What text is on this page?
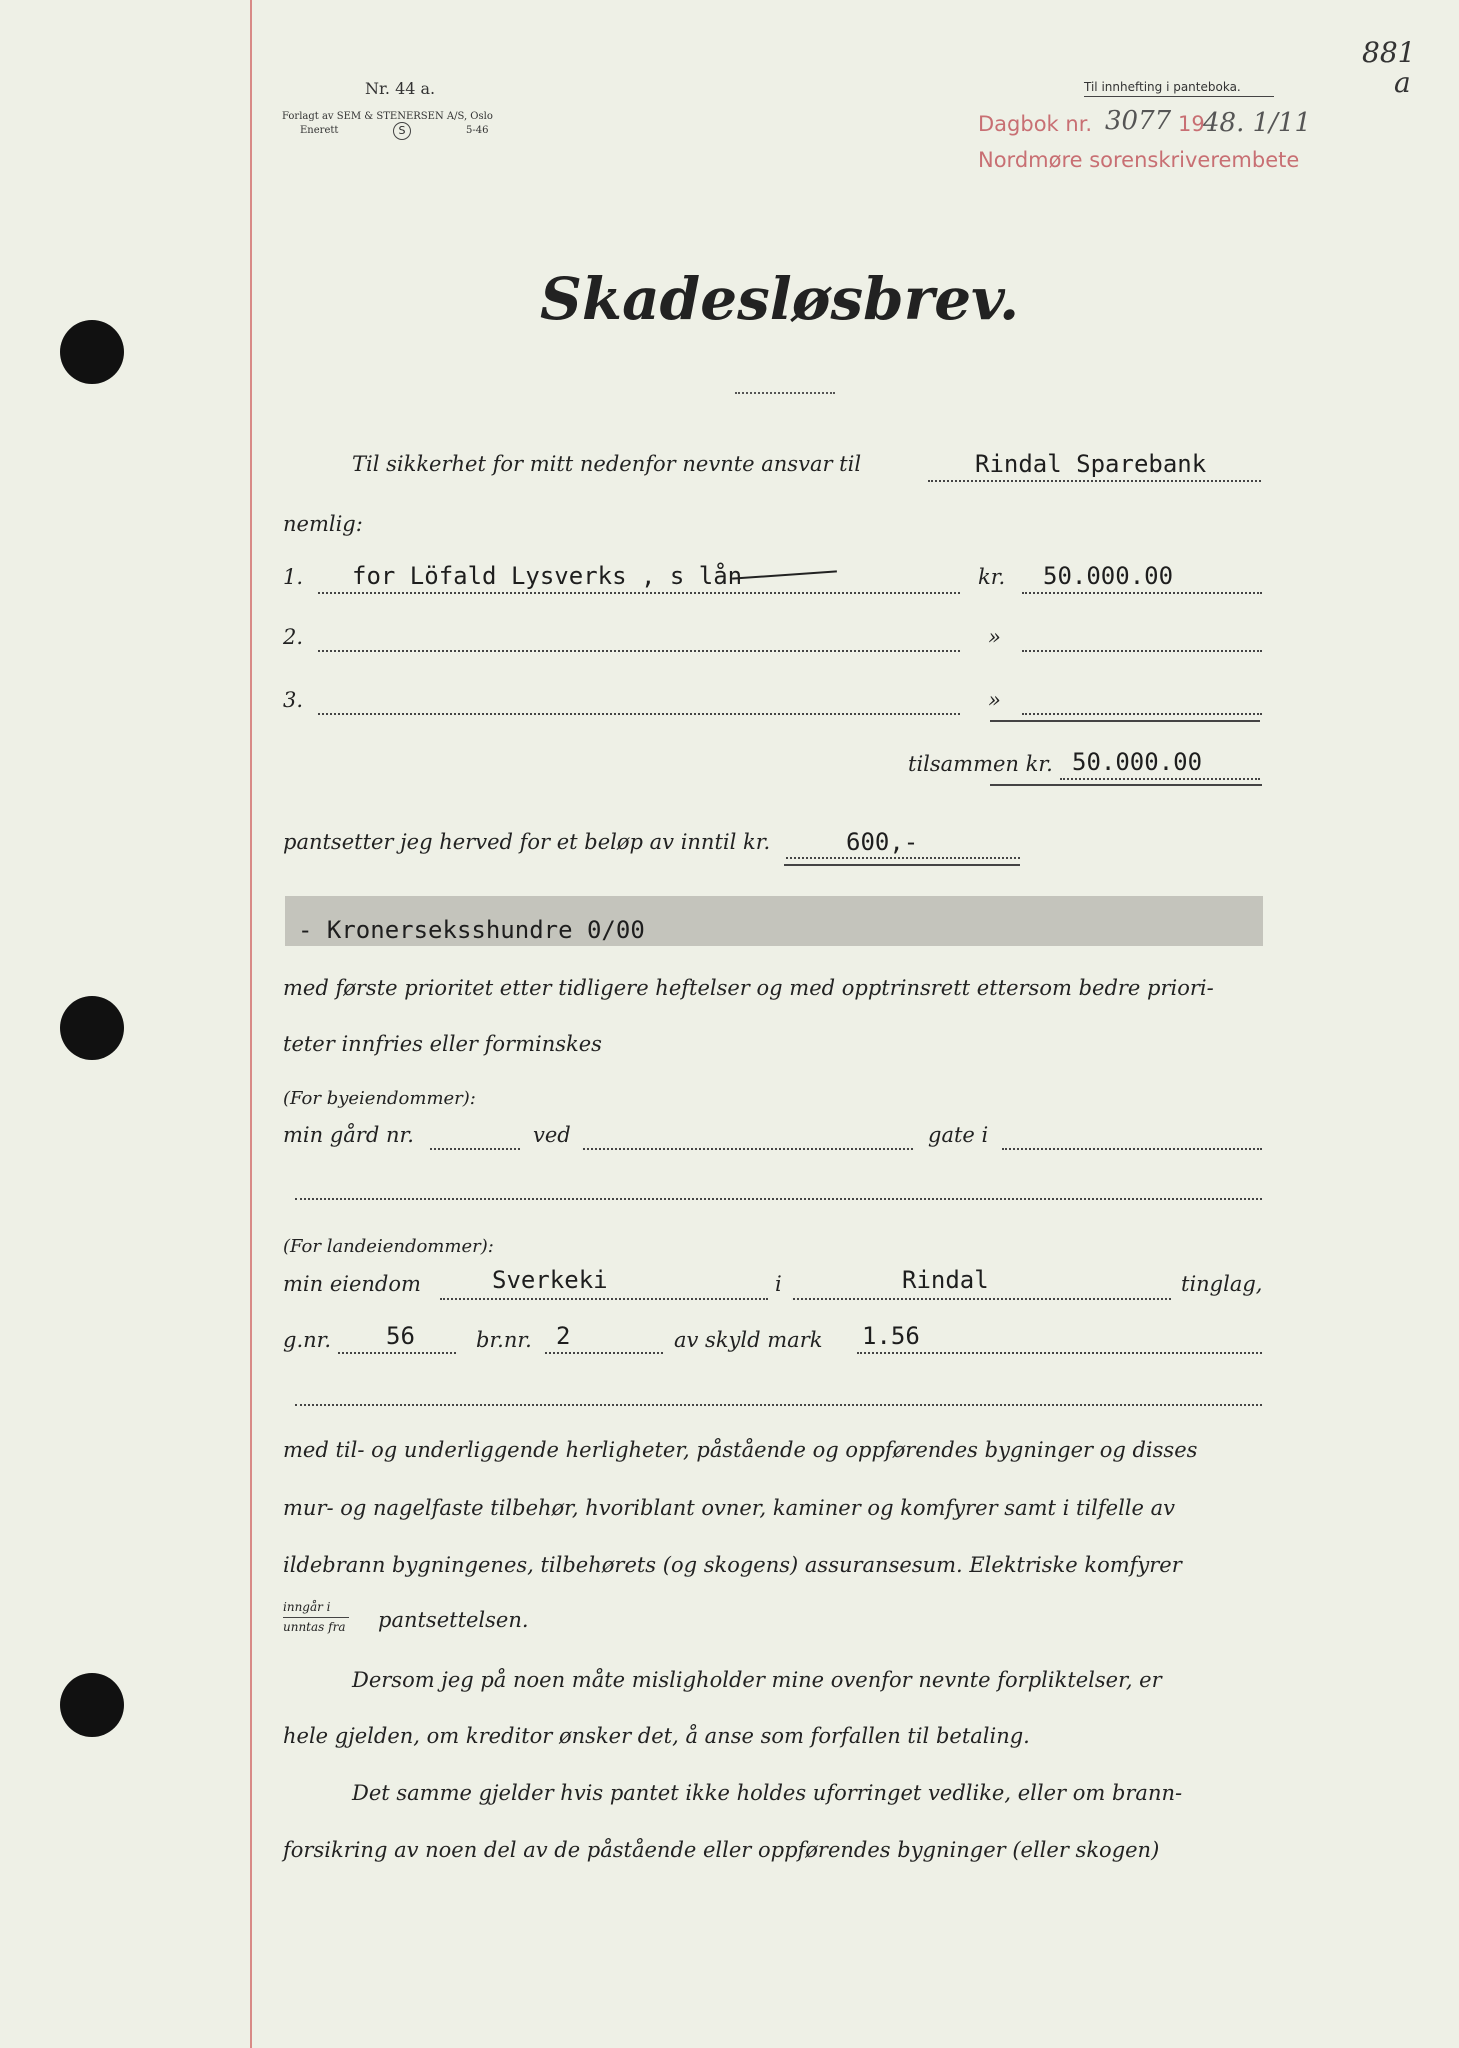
Nr. 44 a.
Forlagt av SEM & STENERSEN A/S, Oslo
Enerett	S	5-46
Til innhefting i panteboka.
Dagbok nr. 3077 19
48. 1/11
Nordmøre sorenskriverembete
881
a

Skadesløsbrev.
Til sikkerhet for mitt nedenfor nevnte ansvar til	Rindal Sparebank
nemlig:
1. for Löfald Lysverks , s lån	kr. 50.000.00
2.	»
3.	»
tilsammen kr. 50.000.00
pantsetter jeg herved for et beløp av inntil kr.	600,-
- Kronerseksshundre 0/00
med første prioritet etter tidligere heftelser og med opptrinsrett ettersom bedre priori-
teter innfries eller forminskes
(For byeiendommer):
min gård nr.	ved	gate i
(For landeiendommer):
min eiendom	Sverkeki	i	Rindal	tinglag,
g.nr. 56	br.nr. 2	av skyld mark 1.56
med til- og underliggende herligheter, påstående og oppførendes bygninger og disses
mur- og nagelfaste tilbehør, hvoriblant ovner, kaminer og komfyrer samt i tilfelle av
ildebrann bygningenes, tilbehørets (og skogens) assuransesum. Elektriske komfyrer
inngår i
unntas fra pantsettelsen.
Dersom jeg på noen måte misligholder mine ovenfor nevnte forpliktelser, er
hele gjelden, om kreditor ønsker det, å anse som forfallen til betaling.
Det samme gjelder hvis pantet ikke holdes uforringet vedlike, eller om brann-
forsikring av noen del av de påstående eller oppførendes bygninger (eller skogen)
